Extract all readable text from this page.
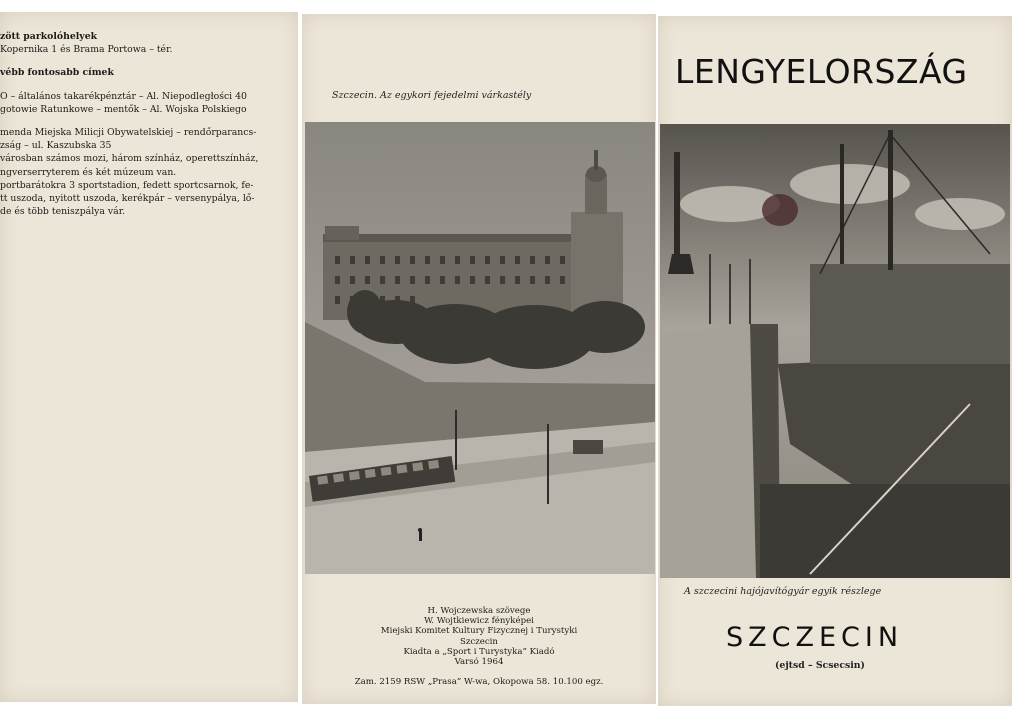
zött parkolóhelyek
Kopernika 1 és Brama Portowa – tér.
vébb fontosabb címek
O – általános takarékpénztár – Al. Niepodległości 40
gotowie Ratunkowe – mentők – Al. Wojska Polskiego
menda Miejska Milicji Obywatelskiej – rendőrparancs-
zság – ul. Kaszubska 35
városban számos mozi, három színház, operettszínház,
ngverserryterem és két múzeum van.
portbarátokra 3 sportstadion, fedett sportcsarnok, fe-
tt uszoda, nyitott uszoda, kerékpár – versenypálya, lő-
de és több teniszpálya vár.
Szczecin. Az egykori fejedelmi várkastély
H. Wojczewska szövege
W. Wojtkiewicz fényképei
Miejski Komitet Kultury Fizycznej i Turystyki
Szczecin
Kiadta a „Sport i Turystyka” Kiadó
Varsó 1964
Zam. 2159 RSW „Prasa” W-wa, Okopowa 58. 10.100 egz.
LENGYELORSZÁG
A szczecini hajójavítógyár egyik részlege
SZCZECIN
(ejtsd – Scsecsin)
